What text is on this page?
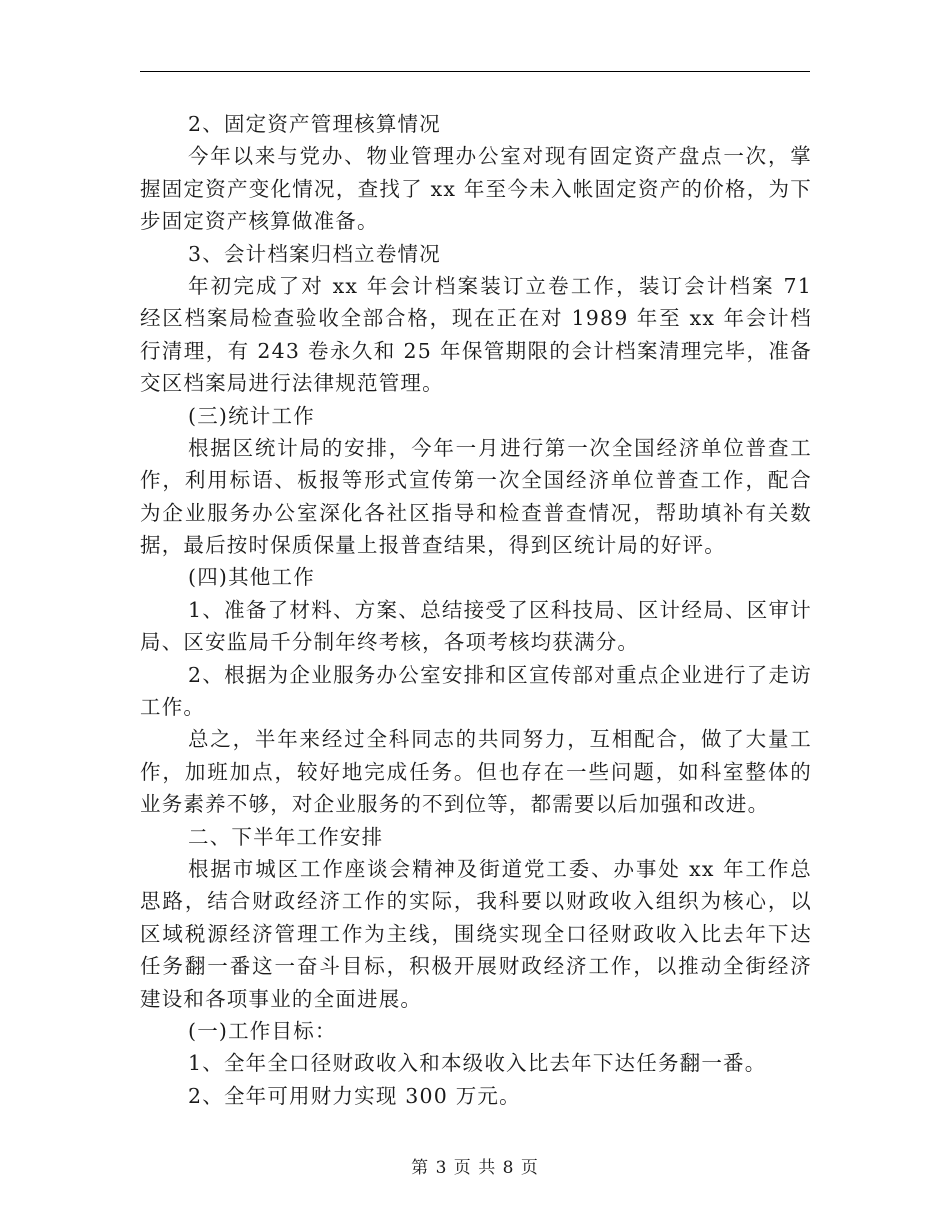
2、固定资产管理核算情况
今年以来与党办、物业管理办公室对现有固定资产盘点一次，掌
握固定资产变化情况，查找了 xx 年至今未入帐固定资产的价格，为下
步固定资产核算做准备。
3、会计档案归档立卷情况
年初完成了对 xx 年会计档案装订立卷工作，装订会计档案 71
经区档案局检查验收全部合格，现在正在对 1989 年至 xx 年会计档
行清理，有 243 卷永久和 25 年保管期限的会计档案清理完毕，准备
交区档案局进行法律规范管理。
(三)统计工作
根据区统计局的安排，今年一月进行第一次全国经济单位普查工
作，利用标语、板报等形式宣传第一次全国经济单位普查工作，配合
为企业服务办公室深化各社区指导和检查普查情况，帮助填补有关数
据，最后按时保质保量上报普查结果，得到区统计局的好评。
(四)其他工作
1、准备了材料、方案、总结接受了区科技局、区计经局、区审计
局、区安监局千分制年终考核，各项考核均获满分。
2、根据为企业服务办公室安排和区宣传部对重点企业进行了走访
工作。
总之，半年来经过全科同志的共同努力，互相配合，做了大量工
作，加班加点，较好地完成任务。但也存在一些问题，如科室整体的
业务素养不够，对企业服务的不到位等，都需要以后加强和改进。
二、下半年工作安排
根据市城区工作座谈会精神及街道党工委、办事处 xx 年工作总
思路，结合财政经济工作的实际，我科要以财政收入组织为核心，以
区域税源经济管理工作为主线，围绕实现全口径财政收入比去年下达
任务翻一番这一奋斗目标，积极开展财政经济工作，以推动全街经济
建设和各项事业的全面进展。
(一)工作目标：
1、全年全口径财政收入和本级收入比去年下达任务翻一番。
2、全年可用财力实现 300 万元。
第 3 页 共 8 页
